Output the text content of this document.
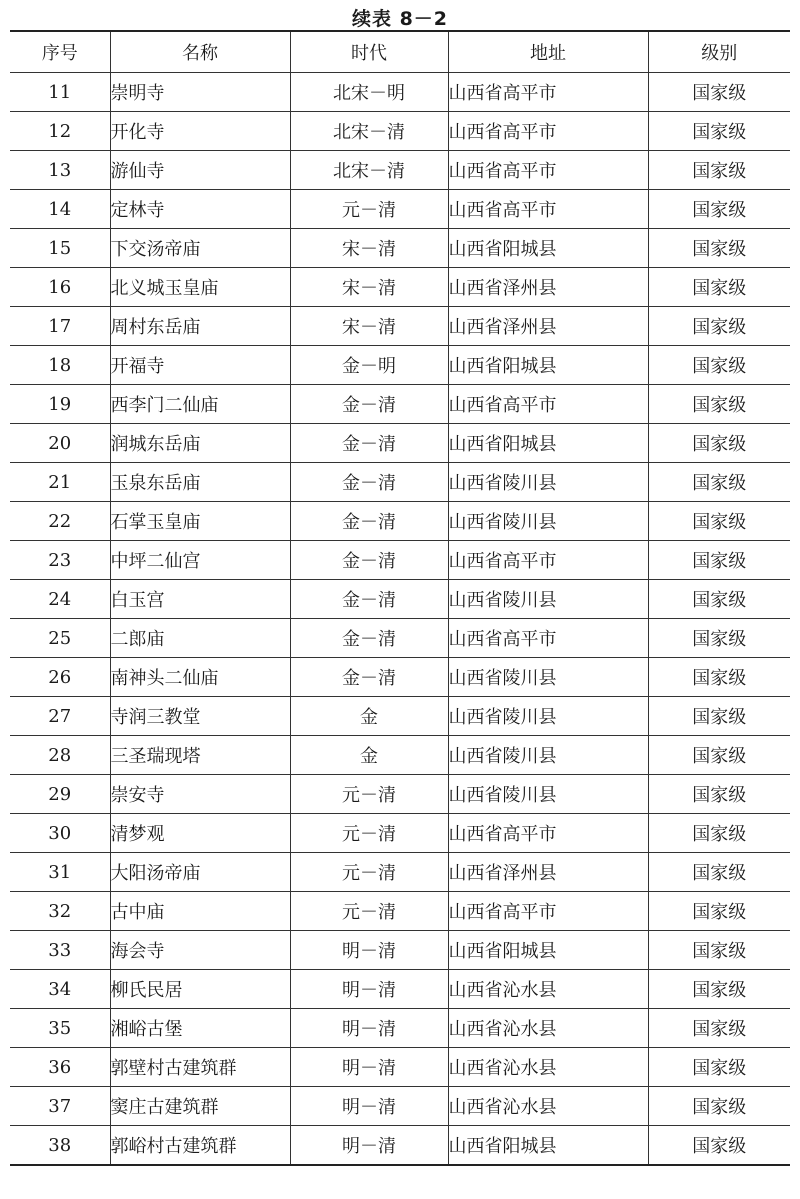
续表 8－2
序号	名称	时代	地址	级别
11	崇明寺	北宋－明	山西省高平市	国家级
12	开化寺	北宋－清	山西省高平市	国家级
13	游仙寺	北宋－清	山西省高平市	国家级
14	定林寺	元－清	山西省高平市	国家级
15	下交汤帝庙	宋－清	山西省阳城县	国家级
16	北义城玉皇庙	宋－清	山西省泽州县	国家级
17	周村东岳庙	宋－清	山西省泽州县	国家级
18	开福寺	金－明	山西省阳城县	国家级
19	西李门二仙庙	金－清	山西省高平市	国家级
20	润城东岳庙	金－清	山西省阳城县	国家级
21	玉泉东岳庙	金－清	山西省陵川县	国家级
22	石掌玉皇庙	金－清	山西省陵川县	国家级
23	中坪二仙宫	金－清	山西省高平市	国家级
24	白玉宫	金－清	山西省陵川县	国家级
25	二郎庙	金－清	山西省高平市	国家级
26	南神头二仙庙	金－清	山西省陵川县	国家级
27	寺润三教堂	金	山西省陵川县	国家级
28	三圣瑞现塔	金	山西省陵川县	国家级
29	崇安寺	元－清	山西省陵川县	国家级
30	清梦观	元－清	山西省高平市	国家级
31	大阳汤帝庙	元－清	山西省泽州县	国家级
32	古中庙	元－清	山西省高平市	国家级
33	海会寺	明－清	山西省阳城县	国家级
34	柳氏民居	明－清	山西省沁水县	国家级
35	湘峪古堡	明－清	山西省沁水县	国家级
36	郭壁村古建筑群	明－清	山西省沁水县	国家级
37	窦庄古建筑群	明－清	山西省沁水县	国家级
38	郭峪村古建筑群	明－清	山西省阳城县	国家级
